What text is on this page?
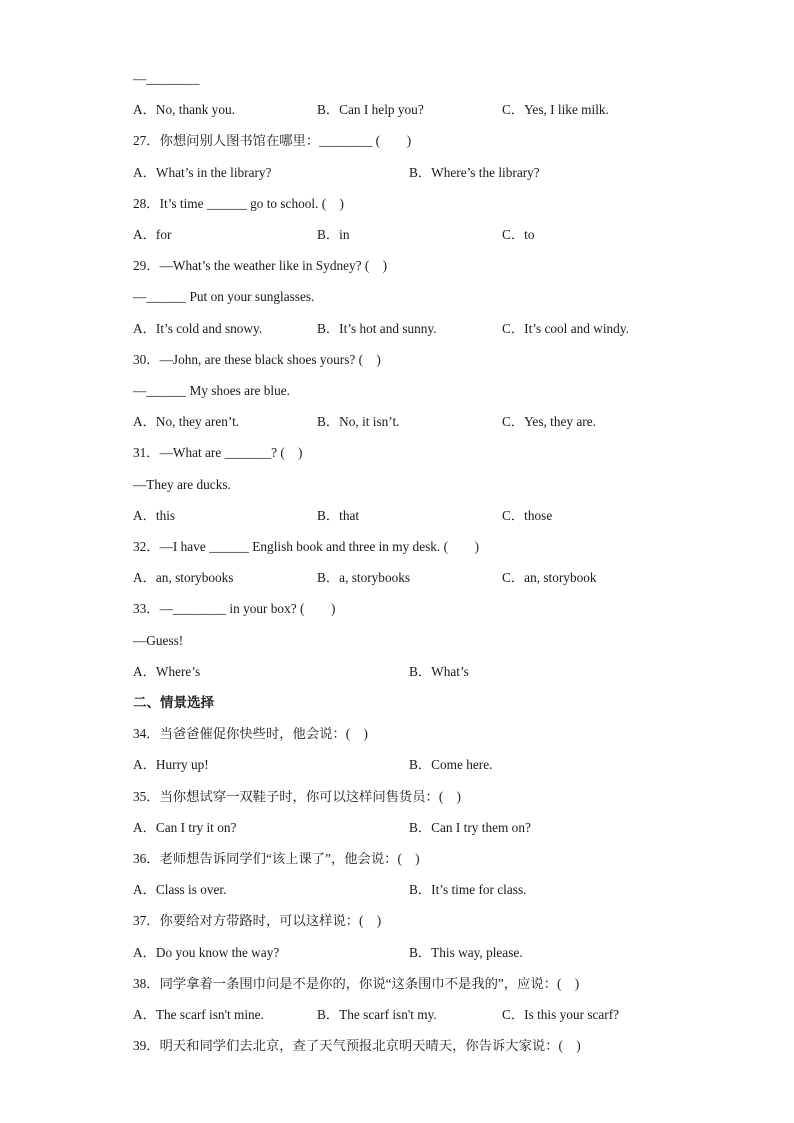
—________
A．No, thank you.	B．Can I help you?	C．Yes, I like milk.
27．你想问别人图书馆在哪里：________ (　　)
A．What’s in the library?	B．Where’s the library?
28．It’s time ______ go to school. (　)
A．for	B．in	C．to
29．—What’s the weather like in Sydney? (　)
—______ Put on your sunglasses.
A．It’s cold and snowy.	B．It’s hot and sunny.	C．It’s cool and windy.
30．—John, are these black shoes yours? (　)
—______ My shoes are blue.
A．No, they aren’t.	B．No, it isn’t.	C．Yes, they are.
31．—What are _______? (　)
—They are ducks.
A．this	B．that	C．those
32．—I have ______ English book and three in my desk. (　　)
A．an, storybooks	B．a, storybooks	C．an, storybook
33．—________ in your box? (　　)
—Guess!
A．Where’s	B．What’s
二、情景选择
34．当爸爸催促你快些时，他会说：(　)
A．Hurry up!	B．Come here.
35．当你想试穿一双鞋子时，你可以这样问售货员：(　)
A．Can I try it on?	B．Can I try them on?
36．老师想告诉同学们“该上课了”，他会说：(　)
A．Class is over.	B．It’s time for class.
37．你要给对方带路时，可以这样说：(　)
A．Do you know the way?	B．This way, please.
38．同学拿着一条围巾问是不是你的，你说“这条围巾不是我的”，应说：(　)
A．The scarf isn't mine.	B．The scarf isn't my.	C．Is this your scarf?
39．明天和同学们去北京，查了天气预报北京明天晴天，你告诉大家说：(　)
